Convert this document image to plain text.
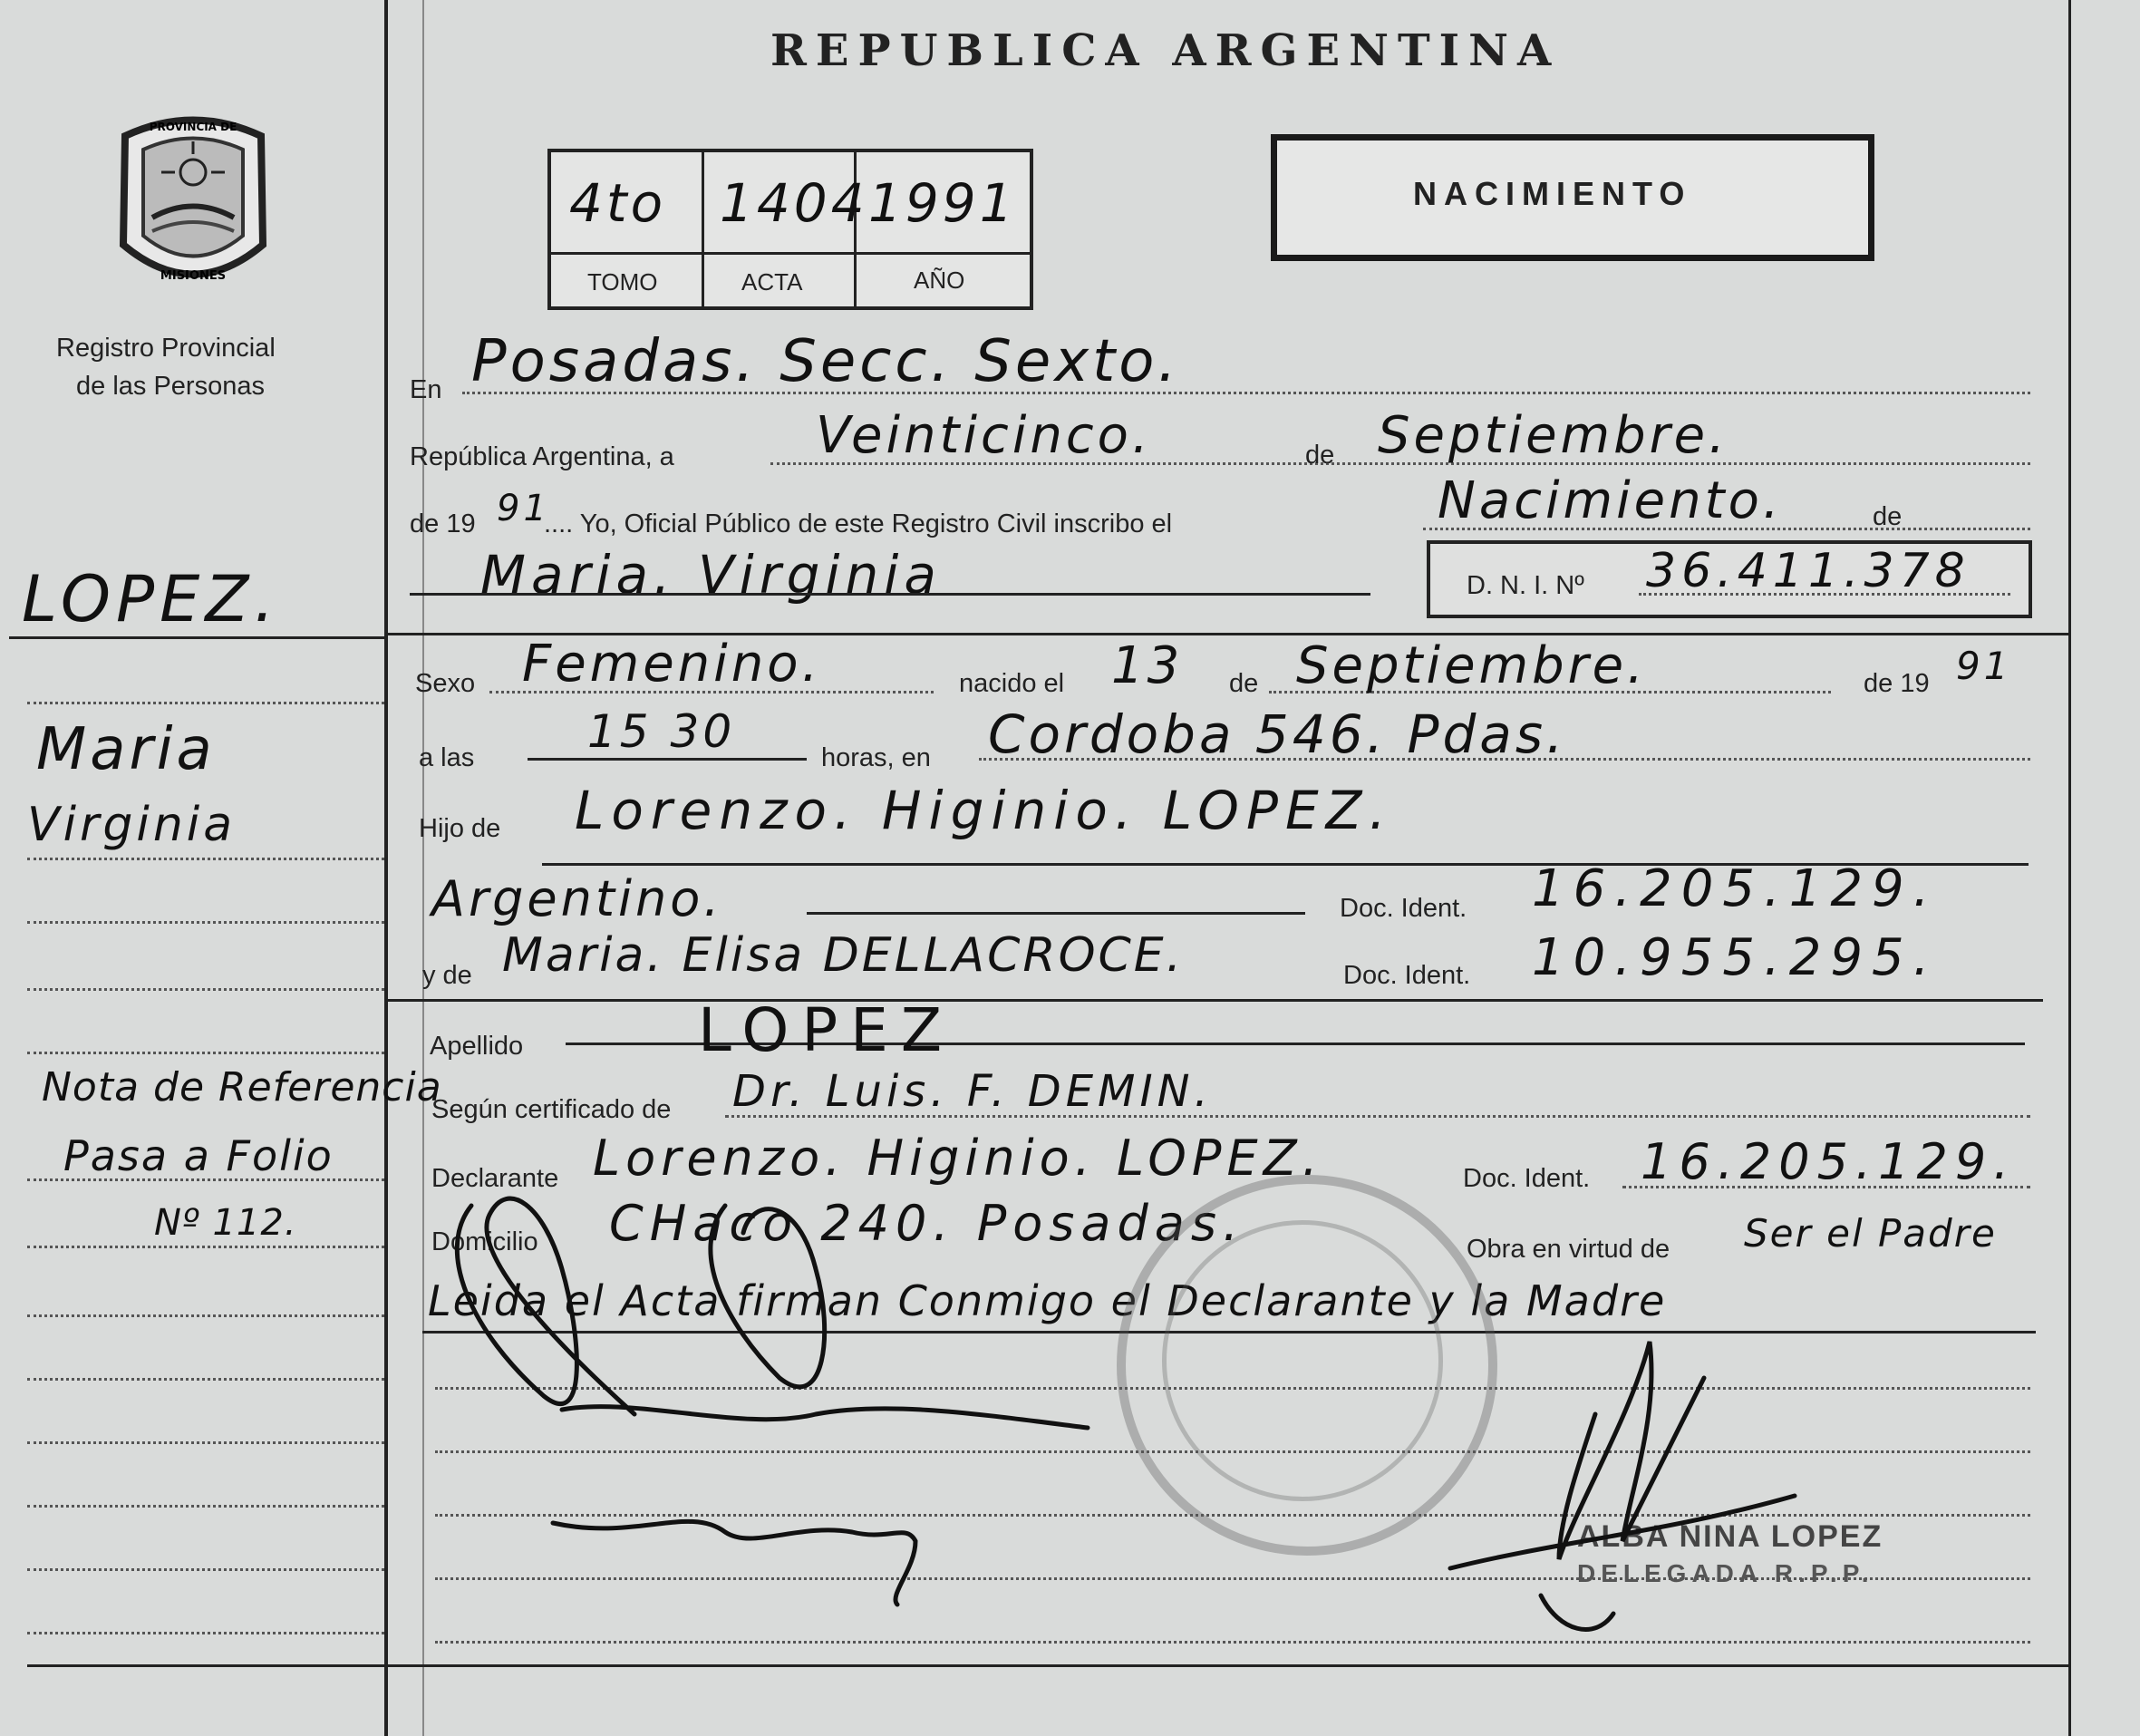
REPUBLICA ARGENTINA
PROVINCIA DE
MISIONES
Registro Provincial
de las Personas
4to 1404 1991
TOMO	ACTA	AÑO
NACIMIENTO
LOPEZ.
Maria
Virginia
Nota de Referencia
Pasa a Folio
Nº 112.
En Posadas. Secc. Sexto.
República Argentina, a	Veinticinco.	de Septiembre.
de 19 91
.... Yo, Oficial Público de este Registro Civil inscribo el	Nacimiento.	de
Maria. Virginia	D. N. I. Nº 36.411.378
Sexo Femenino.	nacido el 13 de Septiembre.	de 19 91
a las 15 30	horas, en Cordoba 546. Pdas.
Hijo de Lorenzo. Higinio. LOPEZ.
Argentino.	Doc. Ident. 16.205.129.
y de Maria. Elisa DELLACROCE.	Doc. Ident. 10.955.295.
Apellido	LOPEZ
Según certificado de Dr. Luis. F. DEMIN.
Declarante Lorenzo. Higinio. LOPEZ.	Doc. Ident. 16.205.129.
Domicilio CHaco 240. Posadas.	Obra en virtud de Ser el Padre
Leida el Acta firman Conmigo el Declarante y la Madre
ALBA NINA LOPEZ
DELEGADA R.P.P.
